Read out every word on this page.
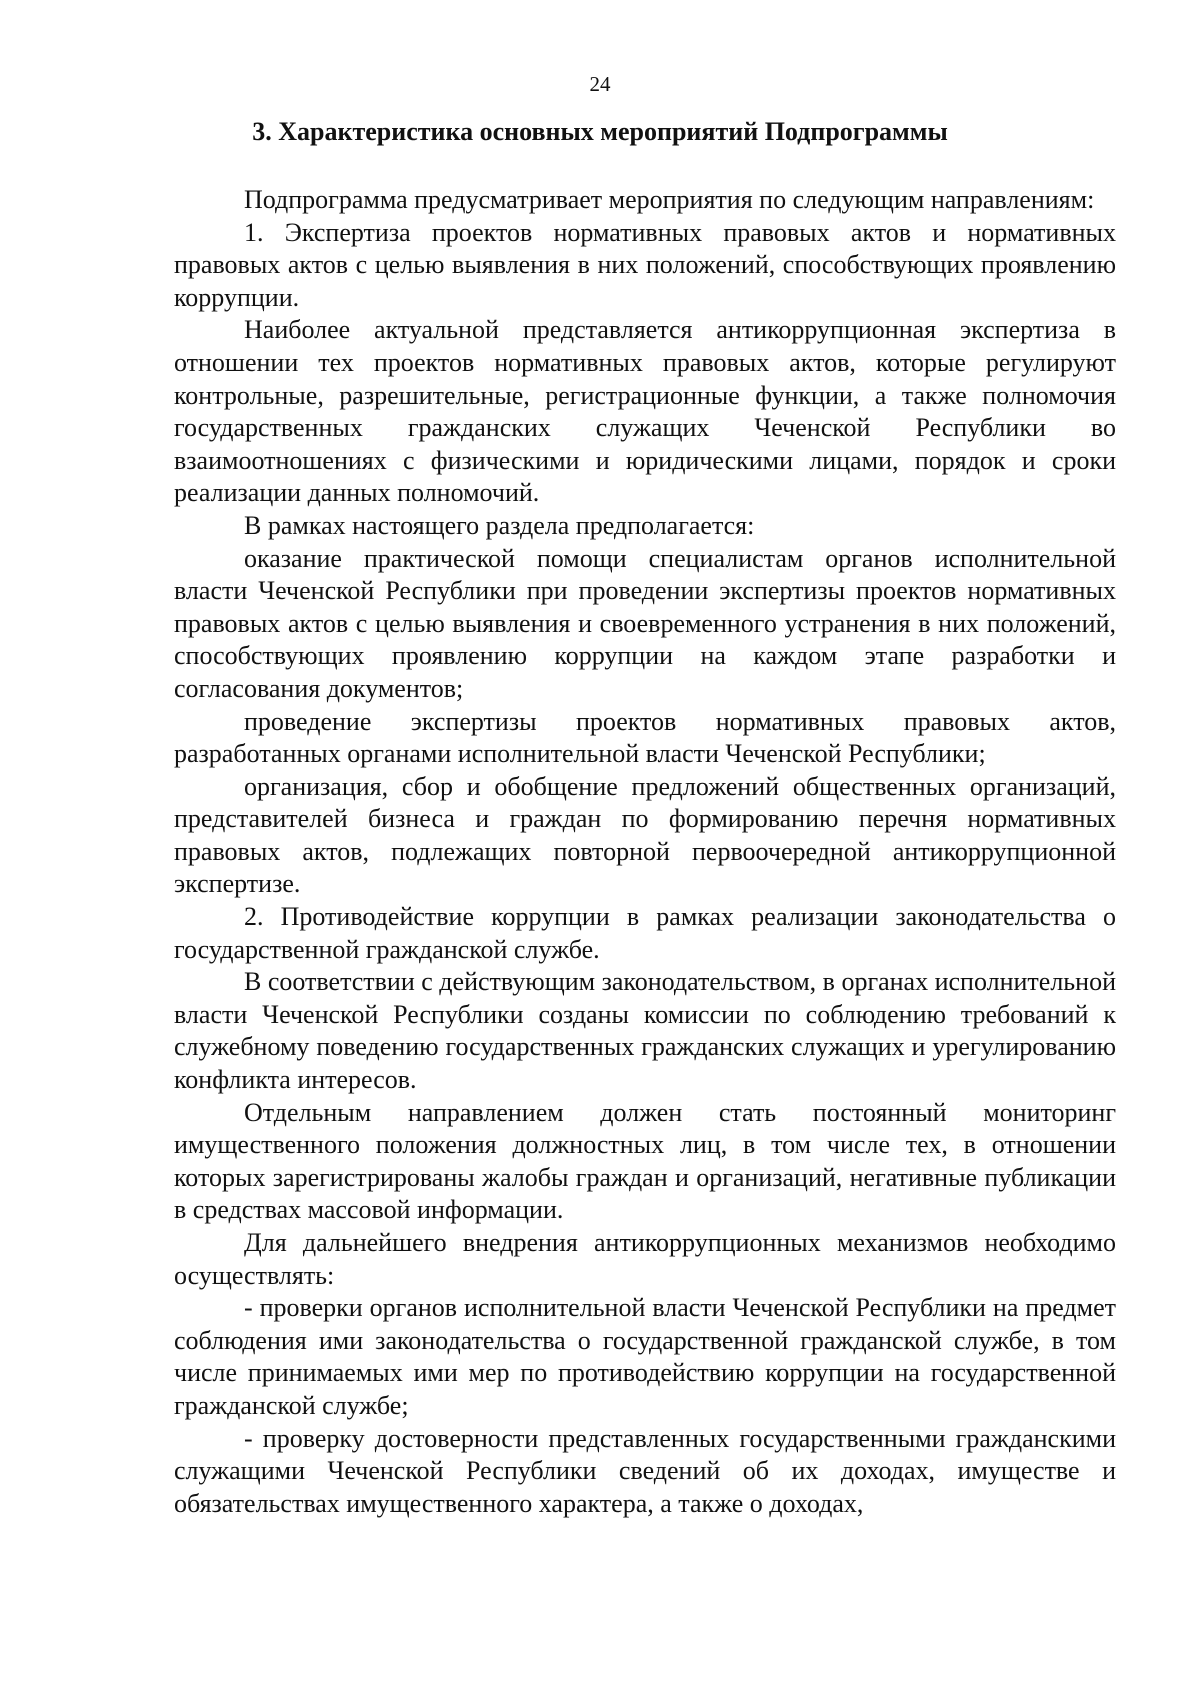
24
3. Характеристика основных мероприятий Подпрограммы

Подпрограмма предусматривает мероприятия по следующим направлениям:

1. Экспертиза проектов нормативных правовых актов и нормативных правовых актов с целью выявления в них положений, способствующих проявлению коррупции.

Наиболее актуальной представляется антикоррупционная экспертиза в отношении тех проектов нормативных правовых актов, которые регулируют контрольные, разрешительные, регистрационные функции, а также полномочия государственных гражданских служащих Чеченской Республики во взаимоотношениях с физическими и юридическими лицами, порядок и сроки реализации данных полномочий.

В рамках настоящего раздела предполагается:

оказание практической помощи специалистам органов исполнительной власти Чеченской Республики при проведении экспертизы проектов нормативных правовых актов с целью выявления и своевременного устранения в них положений, способствующих проявлению коррупции на каждом этапе разработки и согласования документов;

проведение экспертизы проектов нормативных правовых актов, разработанных органами исполнительной власти Чеченской Республики;

организация, сбор и обобщение предложений общественных организаций, представителей бизнеса и граждан по формированию перечня нормативных правовых актов, подлежащих повторной первоочередной антикоррупционной экспертизе.

2. Противодействие коррупции в рамках реализации законодательства о государственной гражданской службе.

В соответствии с действующим законодательством, в органах исполнительной власти Чеченской Республики созданы комиссии по соблюдению требований к служебному поведению государственных гражданских служащих и урегулированию конфликта интересов.

Отдельным направлением должен стать постоянный мониторинг имущественного положения должностных лиц, в том числе тех, в отношении которых зарегистрированы жалобы граждан и организаций, негативные публикации в средствах массовой информации.

Для дальнейшего внедрения антикоррупционных механизмов необходимо осуществлять:

- проверки органов исполнительной власти Чеченской Республики на предмет соблюдения ими законодательства о государственной гражданской службе, в том числе принимаемых ими мер по противодействию коррупции на государственной гражданской службе;

- проверку достоверности представленных государственными гражданскими служащими Чеченской Республики сведений об их доходах, имуществе и обязательствах имущественного характера, а также о доходах,
